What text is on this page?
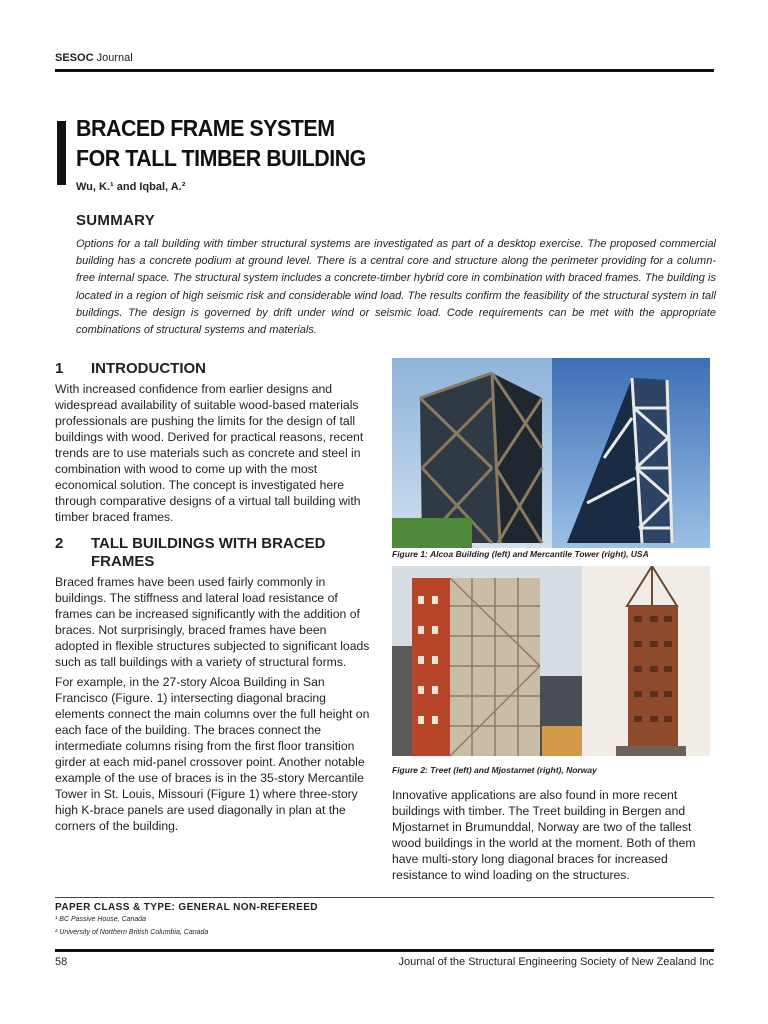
SESOC Journal
BRACED FRAME SYSTEM
FOR TALL TIMBER BUILDING
Wu, K.¹ and Iqbal, A.²
SUMMARY
Options for a tall building with timber structural systems are investigated as part of a desktop exercise. The proposed commercial building has a concrete podium at ground level. There is a central core and structure along the perimeter providing for a column-free internal space. The structural system includes a concrete-timber hybrid core in combination with braced frames. The building is located in a region of high seismic risk and considerable wind load. The results confirm the feasibility of the structural system in tall buildings. The design is governed by drift under wind or seismic load. Code requirements can be met with the appropriate combinations of structural systems and materials.
1 INTRODUCTION

With increased confidence from earlier designs and widespread availability of suitable wood-based materials professionals are pushing the limits for the design of tall buildings with wood. Derived for practical reasons, recent trends are to use materials such as concrete and steel in combination with wood to come up with the most economical solution. The concept is investigated here through comparative designs of a virtual tall building with timber braced frames.

2	TALL BUILDINGS WITH BRACED FRAMES

Braced frames have been used fairly commonly in buildings. The stiffness and lateral load resistance of frames can be increased significantly with the addition of braces. Not surprisingly, braced frames have been adopted in flexible structures subjected to significant loads such as tall buildings with a variety of structural forms.

For example, in the 27-story Alcoa Building in San Francisco (Figure. 1) intersecting diagonal bracing elements connect the main columns over the full height on each face of the building. The braces connect the intermediate columns rising from the first floor transition girder at each mid-panel crossover point. Another notable example of the use of braces is in the 35-story Mercantile Tower in St. Louis, Missouri (Figure 1) where three-story high K-brace panels are used diagonally in plan at the corners of the building.

Figure 1: Alcoa Building (left) and Mercantile Tower (right), USA
Figure 2: Treet (left) and Mjostarnet (right), Norway

Innovative applications are also found in more recent buildings with timber. The Treet building in Bergen and Mjostarnet in Brumunddal, Norway are two of the tallest wood buildings in the world at the moment. Both of them have multi-story long diagonal braces for increased resistance to wind loading on the structures.

PAPER CLASS & TYPE: GENERAL NON-REFEREED
¹ BC Passive House, Canada
² University of Northern British Columbia, Canada
58	Journal of the Structural Engineering Society of New Zealand Inc
